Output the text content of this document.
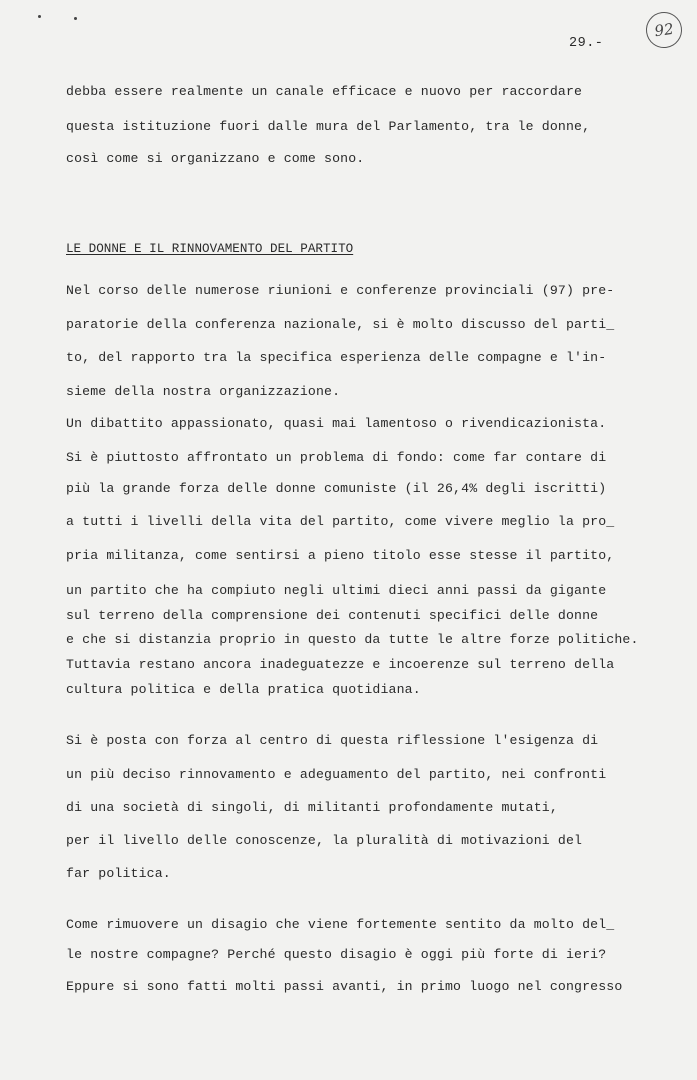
92
29.-
debba essere realmente un canale efficace e nuovo per raccordare
questa istituzione fuori dalle mura del Parlamento, tra le donne,
così come si organizzano e come sono.
LE DONNE E IL RINNOVAMENTO DEL PARTITO
Nel corso delle numerose riunioni e conferenze provinciali (97) pre-
paratorie della conferenza nazionale, si è molto discusso del parti_
to, del rapporto tra la specifica esperienza delle compagne e l'in-
sieme della nostra organizzazione.
Un dibattito appassionato, quasi mai lamentoso o rivendicazionista.
Si è piuttosto affrontato un problema di fondo: come far contare di
più la grande forza delle donne comuniste (il 26,4% degli iscritti)
a tutti i livelli della vita del partito, come vivere meglio la pro_
pria militanza, come sentirsi a pieno titolo esse stesse il partito,
un partito che ha compiuto negli ultimi dieci anni passi da gigante
sul terreno della comprensione dei contenuti specifici delle donne
e che si distanzia proprio in questo da tutte le altre forze politiche.
Tuttavia restano ancora inadeguatezze e incoerenze sul terreno della
cultura politica e della pratica quotidiana.
Si è posta con forza al centro di questa riflessione l'esigenza di
un più deciso rinnovamento e adeguamento del partito, nei confronti
di una società di singoli, di militanti profondamente mutati,
per il livello delle conoscenze, la pluralità di motivazioni del
far politica.
Come rimuovere un disagio che viene fortemente sentito da molto del_
le nostre compagne? Perché questo disagio è oggi più forte di ieri?
Eppure si sono fatti molti passi avanti, in primo luogo nel congresso
